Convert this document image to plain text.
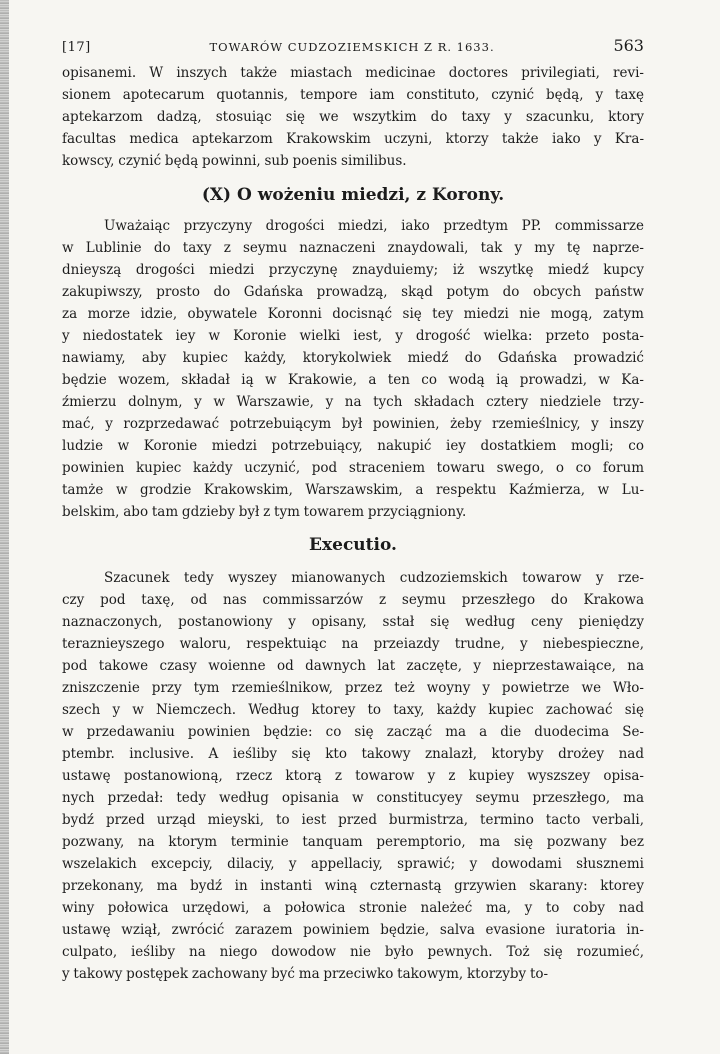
[17]	TOWARÓW CUDZOZIEMSKICH Z R. 1633.	563

opisanemi. W inszych także miastach medicinae doctores privilegiati, revi-

sionem apotecarum quotannis, tempore iam constituto, czynić będą, y taxę

aptekarzom dadzą, stosuiąc się we wszytkim do taxy y szacunku, ktory

facultas medica aptekarzom Krakowskim uczyni, ktorzy także iako y Kra-

kowscy, czynić będą powinni, sub poenis similibus.

(X) O wożeniu miedzi, z Korony.

Uważaiąc przyczyny drogości miedzi, iako przedtym PP. commissarze

w Lublinie do taxy z seymu naznaczeni znaydowali, tak y my tę naprze-

dnieyszą drogości miedzi przyczynę znayduiemy; iż wszytkę miedź kupcy

zakupiwszy, prosto do Gdańska prowadzą, skąd potym do obcych państw

za morze idzie, obywatele Koronni docisnąć się tey miedzi nie mogą, zatym

y niedostatek iey w Koronie wielki iest, y drogość wielka: przeto posta-

nawiamy, aby kupiec każdy, ktorykolwiek miedź do Gdańska prowadzić

będzie wozem, składał ią w Krakowie, a ten co wodą ią prowadzi, w Ka-

źmierzu dolnym, y w Warszawie, y na tych składach cztery niedziele trzy-

mać, y rozprzedawać potrzebuiącym był powinien, żeby rzemieślnicy, y inszy

ludzie w Koronie miedzi potrzebuiący, nakupić iey dostatkiem mogli; co

powinien kupiec każdy uczynić, pod straceniem towaru swego, o co forum

tamże w grodzie Krakowskim, Warszawskim, a respektu Kaźmierza, w Lu-

belskim, abo tam gdzieby był z tym towarem przyciągniony.

Executio.

Szacunek tedy wyszey mianowanych cudzoziemskich towarow y rze-

czy pod taxę, od nas commissarzów z seymu przeszłego do Krakowa

naznaczonych, postanowiony y opisany, sstał się według ceny pieniędzy

teraznieyszego waloru, respektuiąc na przeiazdy trudne, y niebespieczne,

pod takowe czasy woienne od dawnych lat zaczęte, y nieprzestawaiące, na

zniszczenie przy tym rzemieślnikow, przez też woyny y powietrze we Wło-

szech y w Niemczech. Według ktorey to taxy, każdy kupiec zachować się

w przedawaniu powinien będzie: co się zacząć ma a die duodecima Se-

ptembr. inclusive. A ieśliby się kto takowy znalazł, ktoryby drożey nad

ustawę postanowioną, rzecz ktorą z towarow y z kupiey wyszszey opisa-

nych przedał: tedy według opisania w constitucyey seymu przeszłego, ma

bydź przed urząd mieyski, to iest przed burmistrza, termino tacto verbali,

pozwany, na ktorym terminie tanquam peremptorio, ma się pozwany bez

wszelakich excepciy, dilaciy, y appellaciy, sprawić; y dowodami słusznemi

przekonany, ma bydź in instanti winą czternastą grzywien skarany: ktorey

winy połowica urzędowi, a połowica stronie należeć ma, y to coby nad

ustawę wziął, zwrócić zarazem powiniem będzie, salva evasione iuratoria in-

culpato, ieśliby na niego dowodow nie było pewnych. Toż się rozumieć,

y takowy postępek zachowany być ma przeciwko takowym, ktorzyby to-
